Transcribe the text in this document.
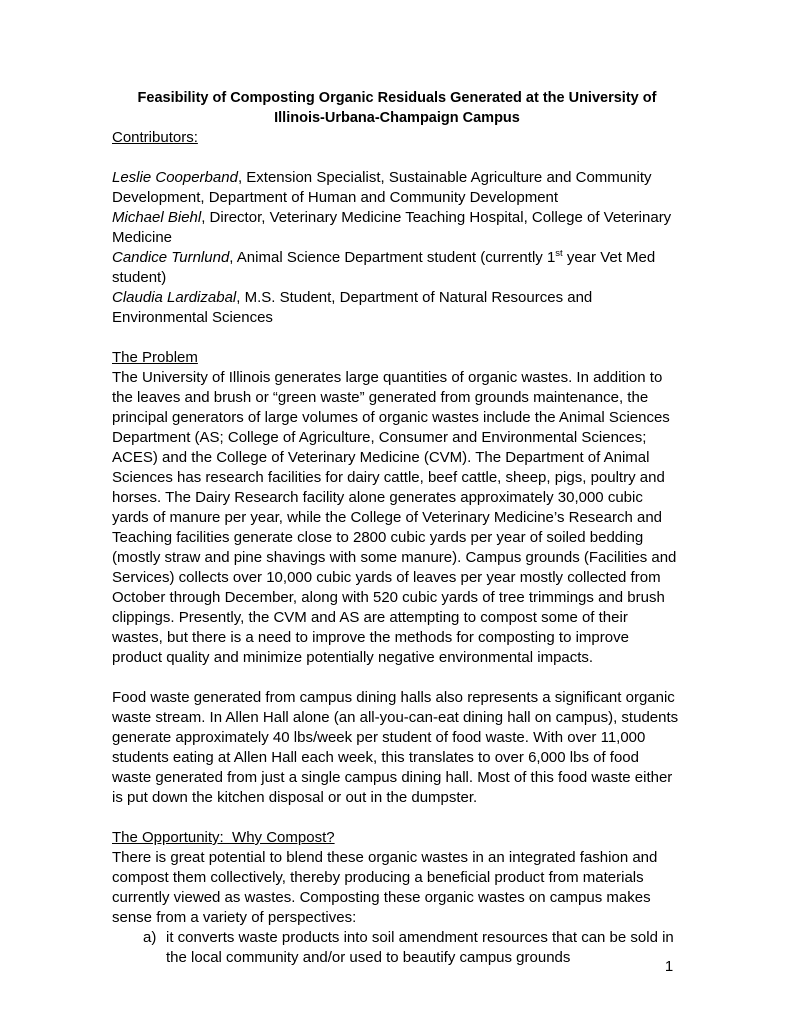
Feasibility of Composting Organic Residuals Generated at the University of Illinois-Urbana-Champaign Campus
Contributors:

Leslie Cooperband, Extension Specialist, Sustainable Agriculture and Community Development, Department of Human and Community Development

Michael Biehl, Director, Veterinary Medicine Teaching Hospital, College of Veterinary Medicine

Candice Turnlund, Animal Science Department student (currently 1st year Vet Med student)

Claudia Lardizabal, M.S. Student, Department of Natural Resources and Environmental Sciences

The Problem

The University of Illinois generates large quantities of organic wastes. In addition to the leaves and brush or “green waste” generated from grounds maintenance, the principal generators of large volumes of organic wastes include the Animal Sciences Department (AS; College of Agriculture, Consumer and Environmental Sciences; ACES) and the College of Veterinary Medicine (CVM). The Department of Animal Sciences has research facilities for dairy cattle, beef cattle, sheep, pigs, poultry and horses. The Dairy Research facility alone generates approximately 30,000 cubic yards of manure per year, while the College of Veterinary Medicine’s Research and Teaching facilities generate close to 2800 cubic yards per year of soiled bedding (mostly straw and pine shavings with some manure). Campus grounds (Facilities and Services) collects over 10,000 cubic yards of leaves per year mostly collected from October through December, along with 520 cubic yards of tree trimmings and brush clippings. Presently, the CVM and AS are attempting to compost some of their wastes, but there is a need to improve the methods for composting to improve product quality and minimize potentially negative environmental impacts.

Food waste generated from campus dining halls also represents a significant organic waste stream. In Allen Hall alone (an all-you-can-eat dining hall on campus), students generate approximately 40 lbs/week per student of food waste. With over 11,000 students eating at Allen Hall each week, this translates to over 6,000 lbs of food waste generated from just a single campus dining hall. Most of this food waste either is put down the kitchen disposal or out in the dumpster.

The Opportunity:  Why Compost?

There is great potential to blend these organic wastes in an integrated fashion and compost them collectively, thereby producing a beneficial product from materials currently viewed as wastes. Composting these organic wastes on campus makes sense from a variety of perspectives:

a) it converts waste products into soil amendment resources that can be sold in the local community and/or used to beautify campus grounds
1
